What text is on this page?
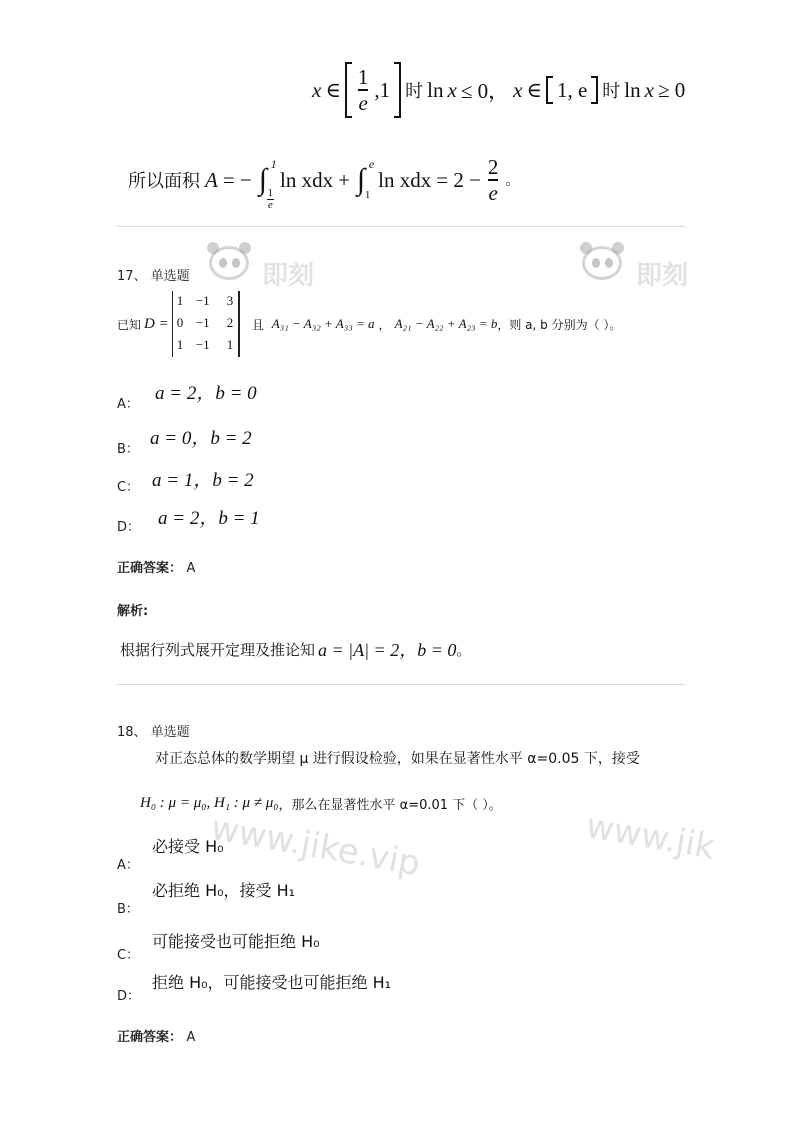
x ∈ $\frac{1}{e} ,1$ 时 ln x ≤ 0， x ∈ 1, e 时 ln x ≥ 0
所以面积 A = − ∫ 1
1
e
ln xdx + ∫ e
1
ln xdx = $2 - \frac{2}{e}$ 。
即刻	即刻
www.jike.vip	www.jik
17、 单选题
已知 D =
1 −1 3
0 −1 2
1 −1 1
且 A₃₁ − A₃₂ + A₃₃ = a ， A₂₁ − A₂₂ + A₂₃ = b ，则 a, b 分别为（ ）。
A：
a = 2，b = 0
B：
a = 0，b = 2
C： a = 1，b = 2
D： a = 2，b = 1
正确答案： A
解析:
根据行列式展开定理及推论知 a = |A| = 2，b = 0 。
18、 单选题
对正态总体的数学期望 μ 进行假设检验，如果在显著性水平 α=0.05 下，接受
H₀ : μ = μ₀, H₁ : μ ≠ μ₀ ，那么在显著性水平 α=0.01 下（ ）。
A：
必接受 H₀
B：
必拒绝 H₀，接受 H₁
C：
可能接受也可能拒绝 H₀
D：
拒绝 H₀，可能接受也可能拒绝 H₁
正确答案： A
